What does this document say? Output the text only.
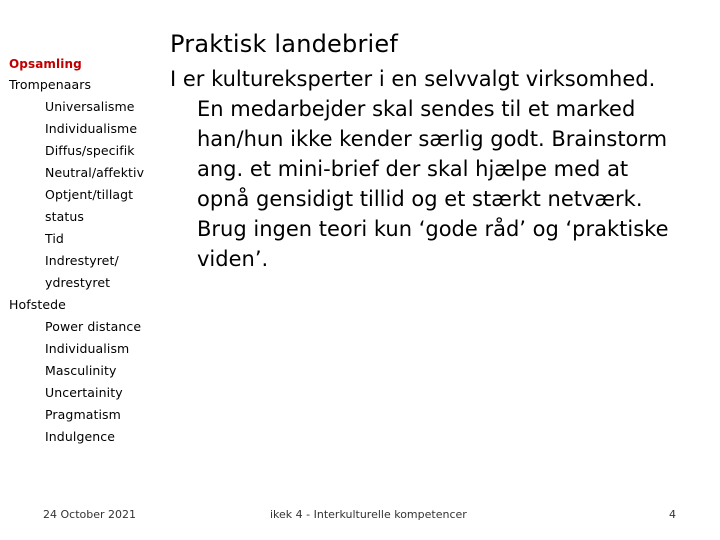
Opsamling
Trompenaars
Universalisme
Individualisme
Diffus/specifik
Neutral/affektiv
Optjent/tillagt
status
Tid
Indrestyret/
ydrestyret
Hofstede
Power distance
Individualism
Masculinity
Uncertainity
Pragmatism
Indulgence
Praktisk landebrief

I er kultureksperter i en selvvalgt virksomhed.

En medarbejder skal sendes til et marked

han/hun ikke kender særlig godt. Brainstorm

ang. et mini-brief der skal hjælpe med at

opnå gensidigt tillid og et stærkt netværk.

Brug ingen teori kun ‘gode råd’ og ‘praktiske

viden’.

24 October 2021	ikek 4 - Interkulturelle kompetencer	4
